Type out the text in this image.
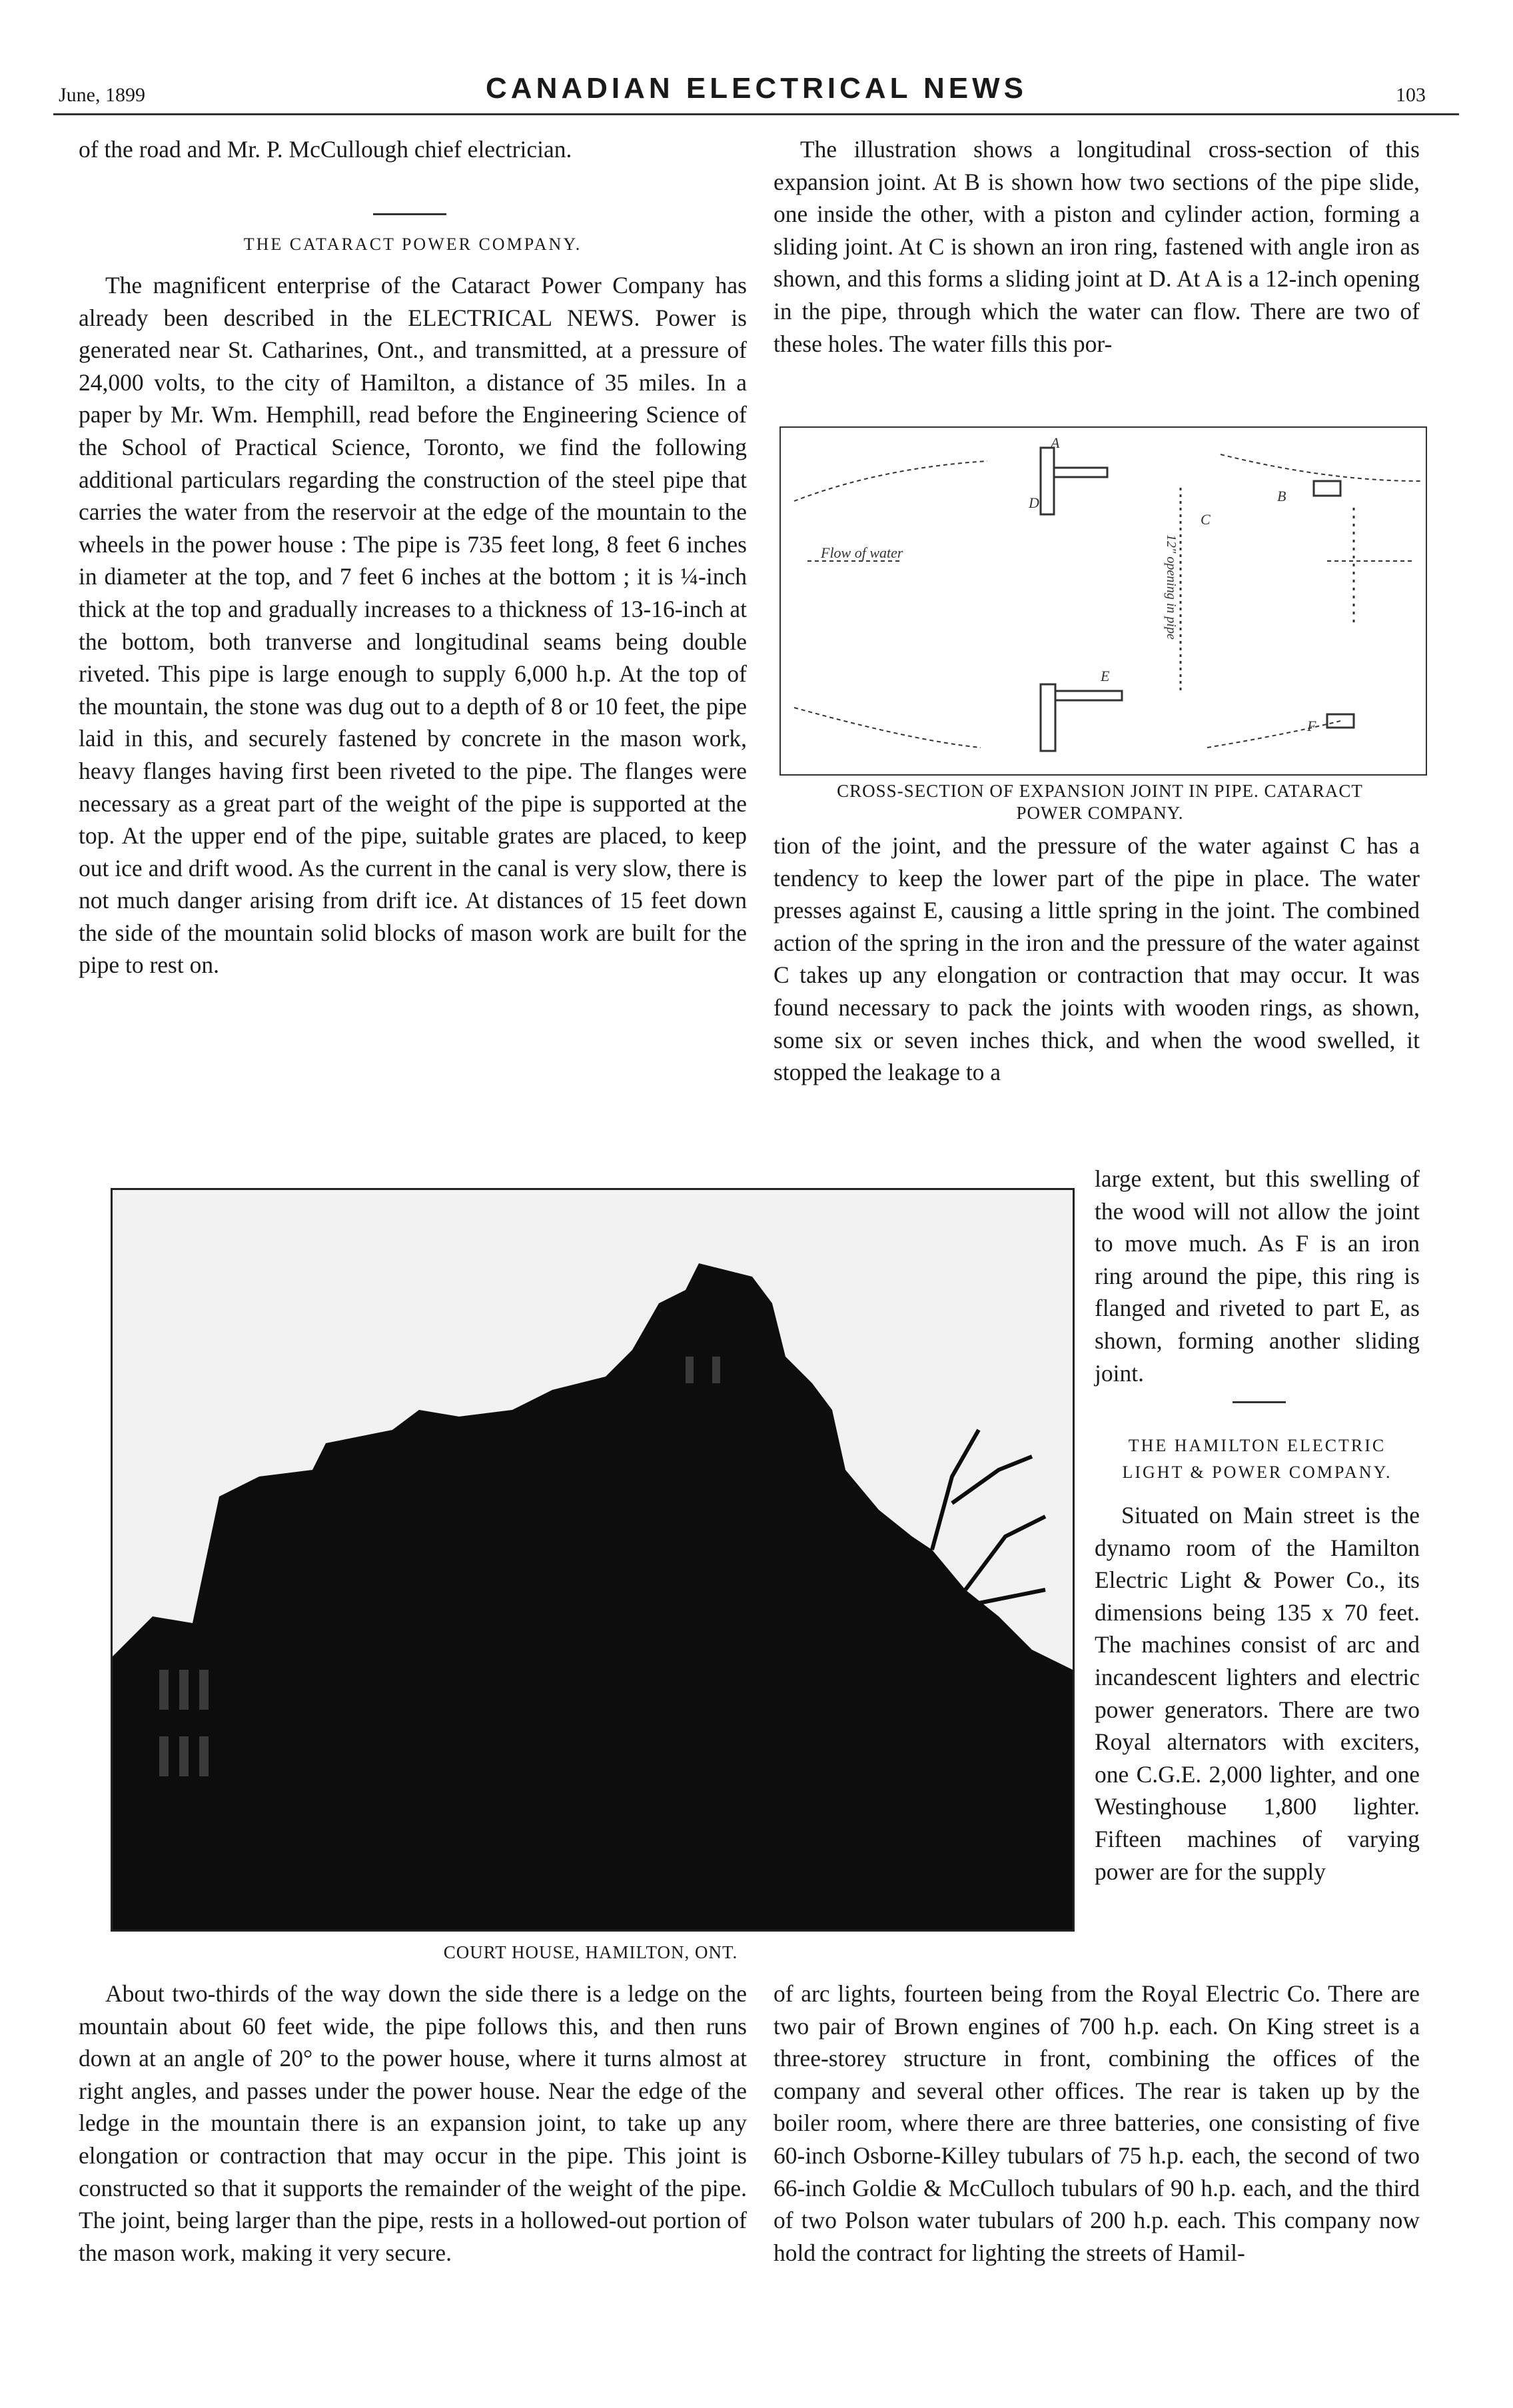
June, 1899	CANADIAN ELECTRICAL NEWS	103

of the road and Mr. P. McCullough chief electrician.

THE CATARACT POWER COMPANY.

The magnificent enterprise of the Cataract Power Company has already been described in the ELECTRICAL NEWS. Power is generated near St. Catharines, Ont., and transmitted, at a pressure of 24,000 volts, to the city of Hamilton, a distance of 35 miles. In a paper by Mr. Wm. Hemphill, read before the Engineering Science of the School of Practical Science, Toronto, we find the following additional particulars regarding the construction of the steel pipe that carries the water from the reservoir at the edge of the mountain to the wheels in the power house : The pipe is 735 feet long, 8 feet 6 inches in diameter at the top, and 7 feet 6 inches at the bottom ; it is ¼-inch thick at the top and gradually increases to a thickness of 13-16-inch at the bottom, both tranverse and longitudinal seams being double riveted. This pipe is large enough to supply 6,000 h.p. At the top of the mountain, the stone was dug out to a depth of 8 or 10 feet, the pipe laid in this, and securely fastened by concrete in the mason work, heavy flanges having first been riveted to the pipe. The flanges were necessary as a great part of the weight of the pipe is supported at the top. At the upper end of the pipe, suitable grates are placed, to keep out ice and drift wood. As the current in the canal is very slow, there is not much danger arising from drift ice. At distances of 15 feet down the side of the mountain solid blocks of mason work are built for the pipe to rest on.

The illustration shows a longitudinal cross-section of this expansion joint. At B is shown how two sections of the pipe slide, one inside the other, with a piston and cylinder action, forming a sliding joint. At C is shown an iron ring, fastened with angle iron as shown, and this forms a sliding joint at D. At A is a 12-inch opening in the pipe, through which the water can flow. There are two of these holes. The water fills this por-

Flow of water	12" opening in pipe
A
B
C
D
E
F
CROSS-SECTION OF EXPANSION JOINT IN PIPE. CATARACT
POWER COMPANY.

tion of the joint, and the pressure of the water against C has a tendency to keep the lower part of the pipe in place. The water presses against E, causing a little spring in the joint. The combined action of the spring in the iron and the pressure of the water against C takes up any elongation or contraction that may occur. It was found necessary to pack the joints with wooden rings, as shown, some six or seven inches thick, and when the wood swelled, it stopped the leakage to a

large extent, but this swelling of the wood will not allow the joint to move much. As F is an iron ring around the pipe, this ring is flanged and riveted to part E, as shown, forming another sliding joint.

THE HAMILTON ELECTRIC
LIGHT & POWER COMPANY.

Situated on Main street is the dynamo room of the Hamilton Electric Light & Power Co., its dimensions being 135 x 70 feet. The machines consist of arc and incandescent lighters and electric power generators. There are two Royal alternators with exciters, one C.G.E. 2,000 lighter, and one Westinghouse 1,800 lighter. Fifteen machines of varying power are for the supply

COURT HOUSE, HAMILTON, ONT.

About two-thirds of the way down the side there is a ledge on the mountain about 60 feet wide, the pipe follows this, and then runs down at an angle of 20° to the power house, where it turns almost at right angles, and passes under the power house. Near the edge of the ledge in the mountain there is an expansion joint, to take up any elongation or contraction that may occur in the pipe. This joint is constructed so that it supports the remainder of the weight of the pipe. The joint, being larger than the pipe, rests in a hollowed-out portion of the mason work, making it very secure.

of arc lights, fourteen being from the Royal Electric Co. There are two pair of Brown engines of 700 h.p. each. On King street is a three-storey structure in front, combining the offices of the company and several other offices. The rear is taken up by the boiler room, where there are three batteries, one consisting of five 60-inch Osborne-Killey tubulars of 75 h.p. each, the second of two 66-inch Goldie & McCulloch tubulars of 90 h.p. each, and the third of two Polson water tubulars of 200 h.p. each. This company now hold the contract for lighting the streets of Hamil-
